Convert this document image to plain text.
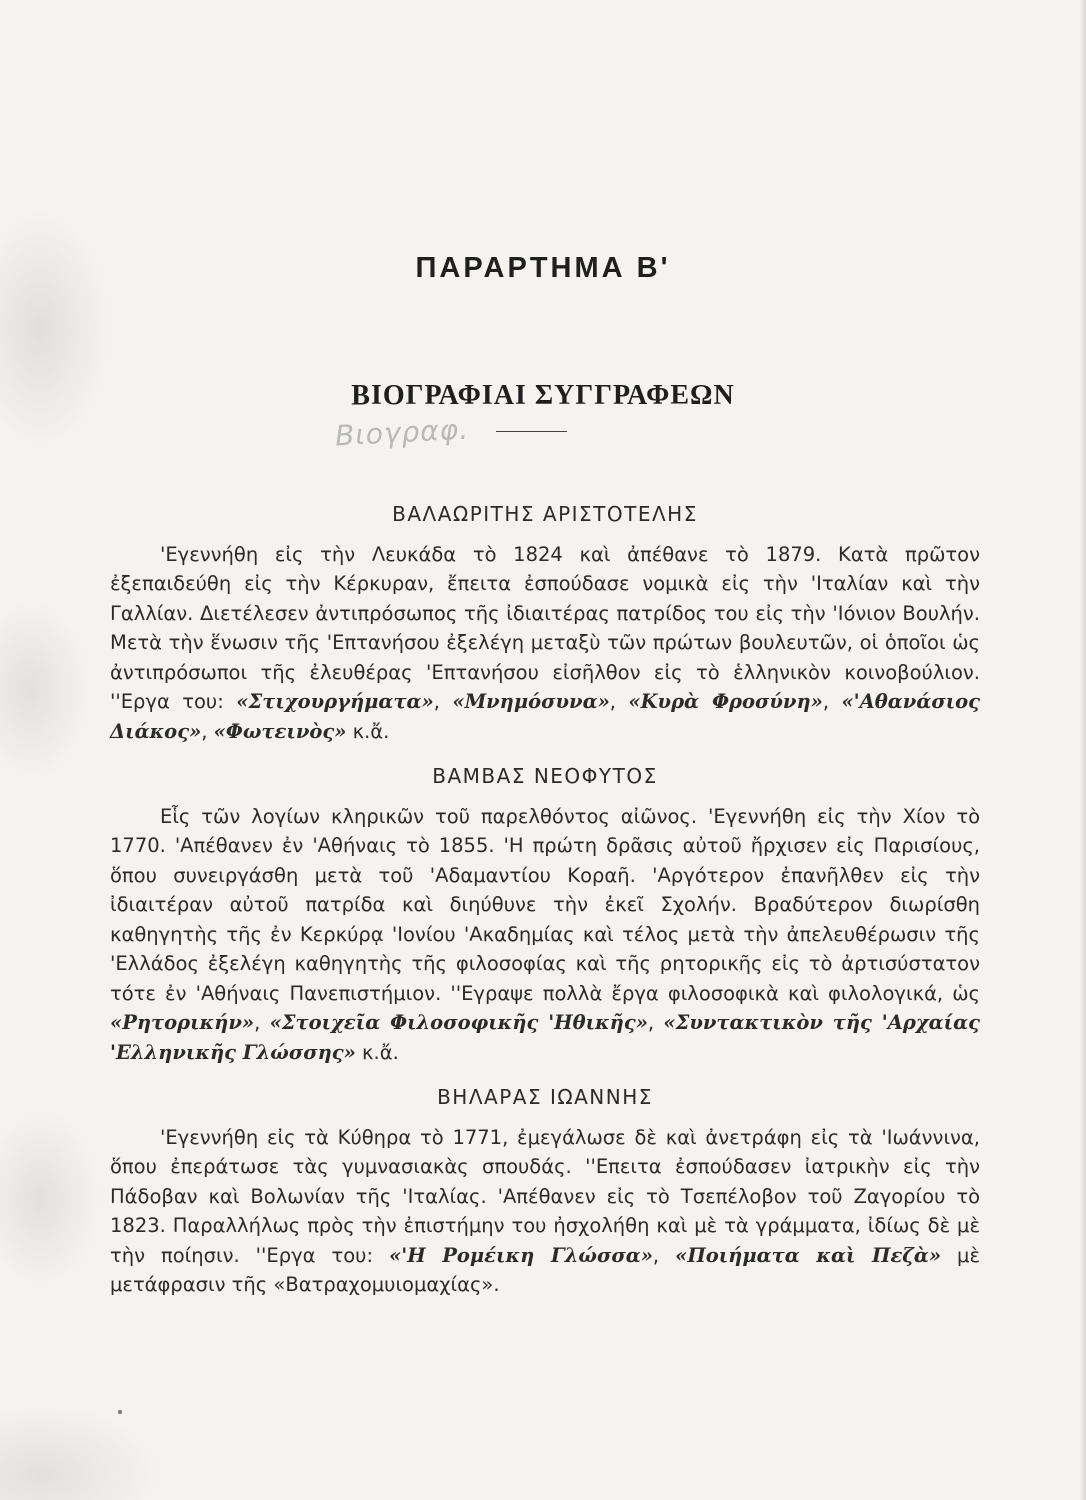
ΠΑΡΑΡΤΗΜΑ Β'
ΒΙΟΓΡΑΦΙΑΙ ΣΥΓΓΡΑΦΕΩΝ
Βιογραφ.
ΒΑΛΑΩΡΙΤΗΣ ΑΡΙΣΤΟΤΕΛΗΣ

'Εγεννήθη εἰς τὴν Λευκάδα τὸ 1824 καὶ ἀπέθανε τὸ 1879. Κατὰ πρῶτον ἐξεπαιδεύθη εἰς τὴν Κέρκυραν, ἔπειτα ἐσπούδασε νομικὰ εἰς τὴν 'Ιταλίαν καὶ τὴν Γαλλίαν. Διετέλεσεν ἀντιπρόσωπος τῆς ἰδιαιτέρας πατρίδος του εἰς τὴν 'Ιόνιον Βουλήν. Μετὰ τὴν ἕνωσιν τῆς 'Επτανήσου ἐξελέγη μεταξὺ τῶν πρώτων βουλευτῶν, οἱ ὁποῖοι ὡς ἀντιπρόσωποι τῆς ἐλευθέρας 'Επτανήσου εἰσῆλθον εἰς τὸ ἑλληνικὸν κοινοβούλιον. ''Εργα του: «Στιχουργήματα», «Μνημόσυνα», «Κυρὰ Φροσύνη», «'Αθανάσιος Διάκος», «Φωτεινὸς» κ.ἄ.

ΒΑΜΒΑΣ ΝΕΟΦΥΤΟΣ

Εἷς τῶν λογίων κληρικῶν τοῦ παρελθόντος αἰῶνος. 'Εγεννήθη εἰς τὴν Χίον τὸ 1770. 'Απέθανεν ἐν 'Αθήναις τὸ 1855. 'Η πρώτη δρᾶσις αὐτοῦ ἤρχισεν εἰς Παρισίους, ὅπου συνειργάσθη μετὰ τοῦ 'Αδαμαντίου Κοραῆ. 'Αργότερον ἐπανῆλθεν εἰς τὴν ἰδιαιτέραν αὐτοῦ πατρίδα καὶ διηύθυνε τὴν ἐκεῖ Σχολήν. Βραδύτερον διωρίσθη καθηγητὴς τῆς ἐν Κερκύρᾳ 'Ιονίου 'Ακαδημίας καὶ τέλος μετὰ τὴν ἀπελευθέρωσιν τῆς 'Ελλάδος ἐξελέγη καθηγητὴς τῆς φιλοσοφίας καὶ τῆς ρητορικῆς εἰς τὸ ἀρτισύστατον τότε ἐν 'Αθήναις Πανεπιστήμιον. ''Εγραψε πολλὰ ἔργα φιλοσοφικὰ καὶ φιλολογικά, ὡς «Ρητορικήν», «Στοιχεῖα Φιλοσοφικῆς 'Ηθικῆς», «Συντακτικὸν τῆς 'Αρχαίας 'Ελληνικῆς Γλώσσης» κ.ἄ.

ΒΗΛΑΡΑΣ ΙΩΑΝΝΗΣ

'Εγεννήθη εἰς τὰ Κύθηρα τὸ 1771, ἐμεγάλωσε δὲ καὶ ἀνετράφη εἰς τὰ 'Ιωάννινα, ὅπου ἐπεράτωσε τὰς γυμνασιακὰς σπουδάς. ''Επειτα ἐσπούδασεν ἰατρικὴν εἰς τὴν Πάδοβαν καὶ Βολωνίαν τῆς 'Ιταλίας. 'Απέθανεν εἰς τὸ Τσεπέλοβον τοῦ Ζαγορίου τὸ 1823. Παραλλήλως πρὸς τὴν ἐπιστήμην του ἠσχολήθη καὶ μὲ τὰ γράμματα, ἰδίως δὲ μὲ τὴν ποίησιν. ''Εργα του: «'Η Ρομέικη Γλώσσα», «Ποιήματα καὶ Πεζὰ» μὲ μετάφρασιν τῆς «Βατραχομυιομαχίας».
